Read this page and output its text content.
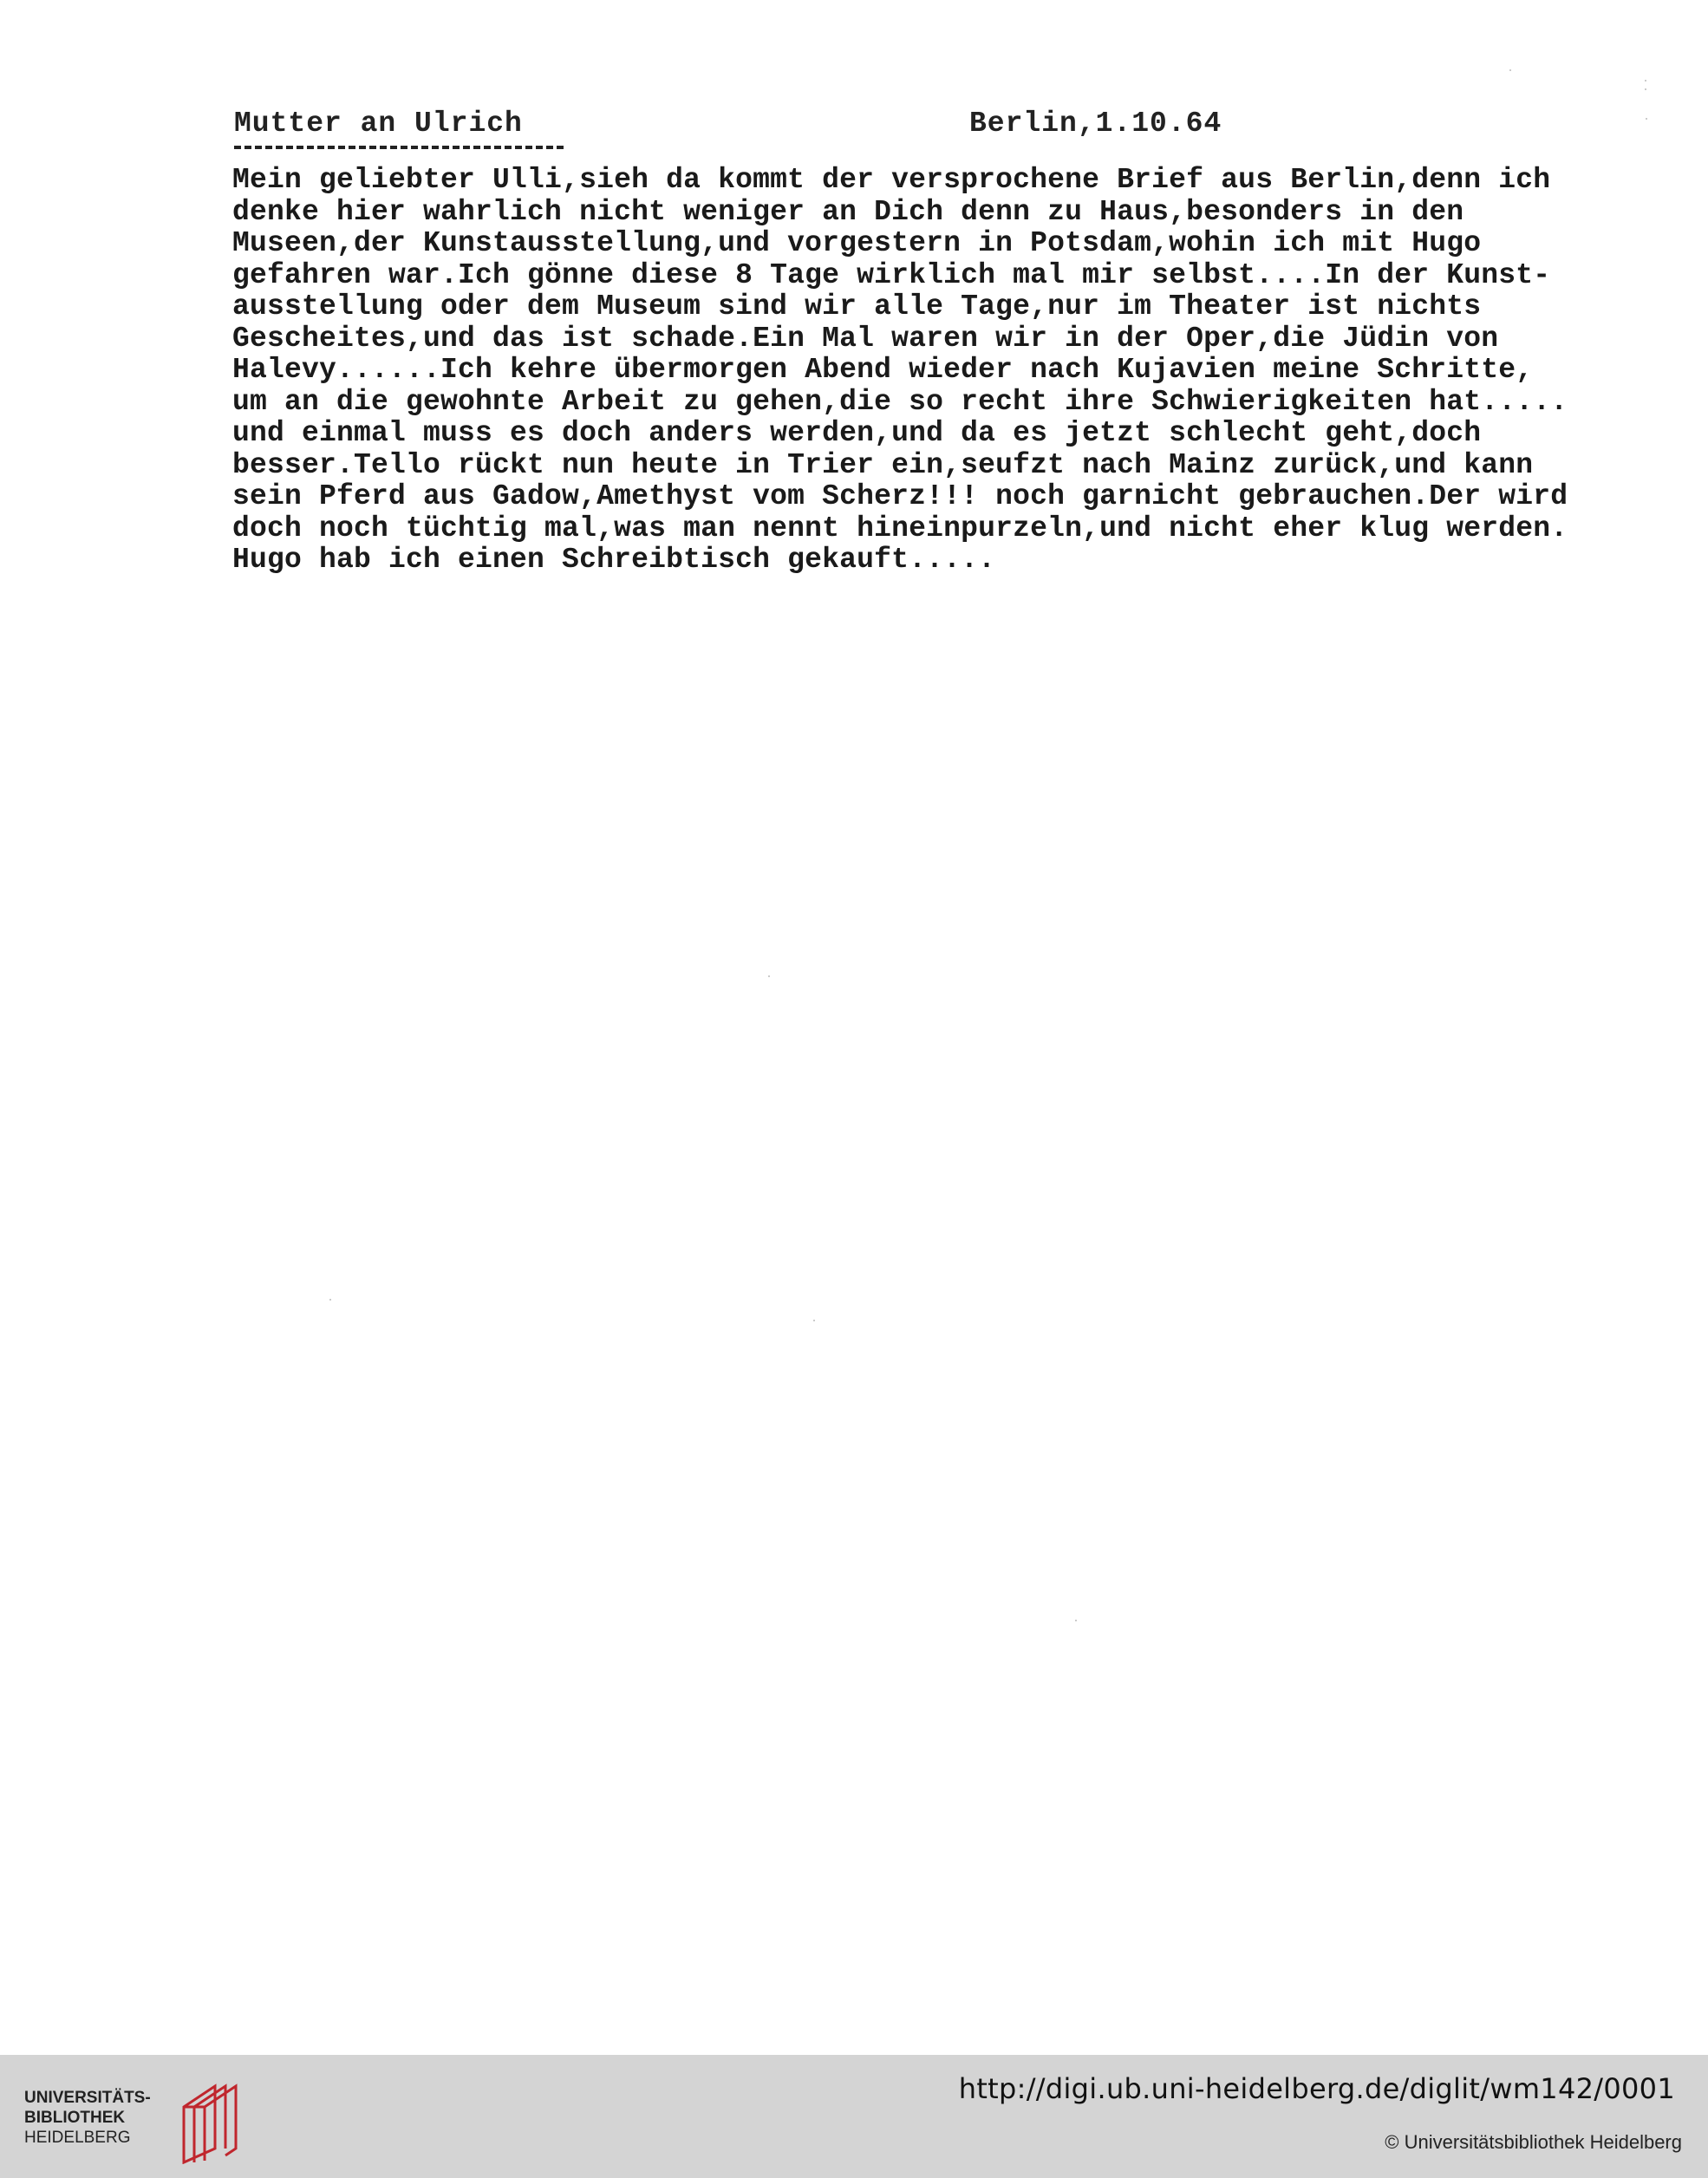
Mutter an Ulrich	Berlin,1.10.64
Mein geliebter Ulli,sieh da kommt der versprochene Brief aus Berlin,denn ich
denke hier wahrlich nicht weniger an Dich denn zu Haus,besonders in den
Museen,der Kunstausstellung,und vorgestern in Potsdam,wohin ich mit Hugo
gefahren war.Ich gönne diese 8 Tage wirklich mal mir selbst....In der Kunst-
ausstellung oder dem Museum sind wir alle Tage,nur im Theater ist nichts
Gescheites,und das ist schade.Ein Mal waren wir in der Oper,die Jüdin von
Halevy......Ich kehre übermorgen Abend wieder nach Kujavien meine Schritte,
um an die gewohnte Arbeit zu gehen,die so recht ihre Schwierigkeiten hat.....
und einmal muss es doch anders werden,und da es jetzt schlecht geht,doch
besser.Tello rückt nun heute in Trier ein,seufzt nach Mainz zurück,und kann
sein Pferd aus Gadow,Amethyst vom Scherz!!! noch garnicht gebrauchen.Der wird
doch noch tüchtig mal,was man nennt hineinpurzeln,und nicht eher klug werden.
Hugo hab ich einen Schreibtisch gekauft.....
UNIVERSITÄTS-
BIBLIOTHEK
HEIDELBERG
http://digi.ub.uni-heidelberg.de/diglit/wm142/0001
© Universitätsbibliothek Heidelberg
